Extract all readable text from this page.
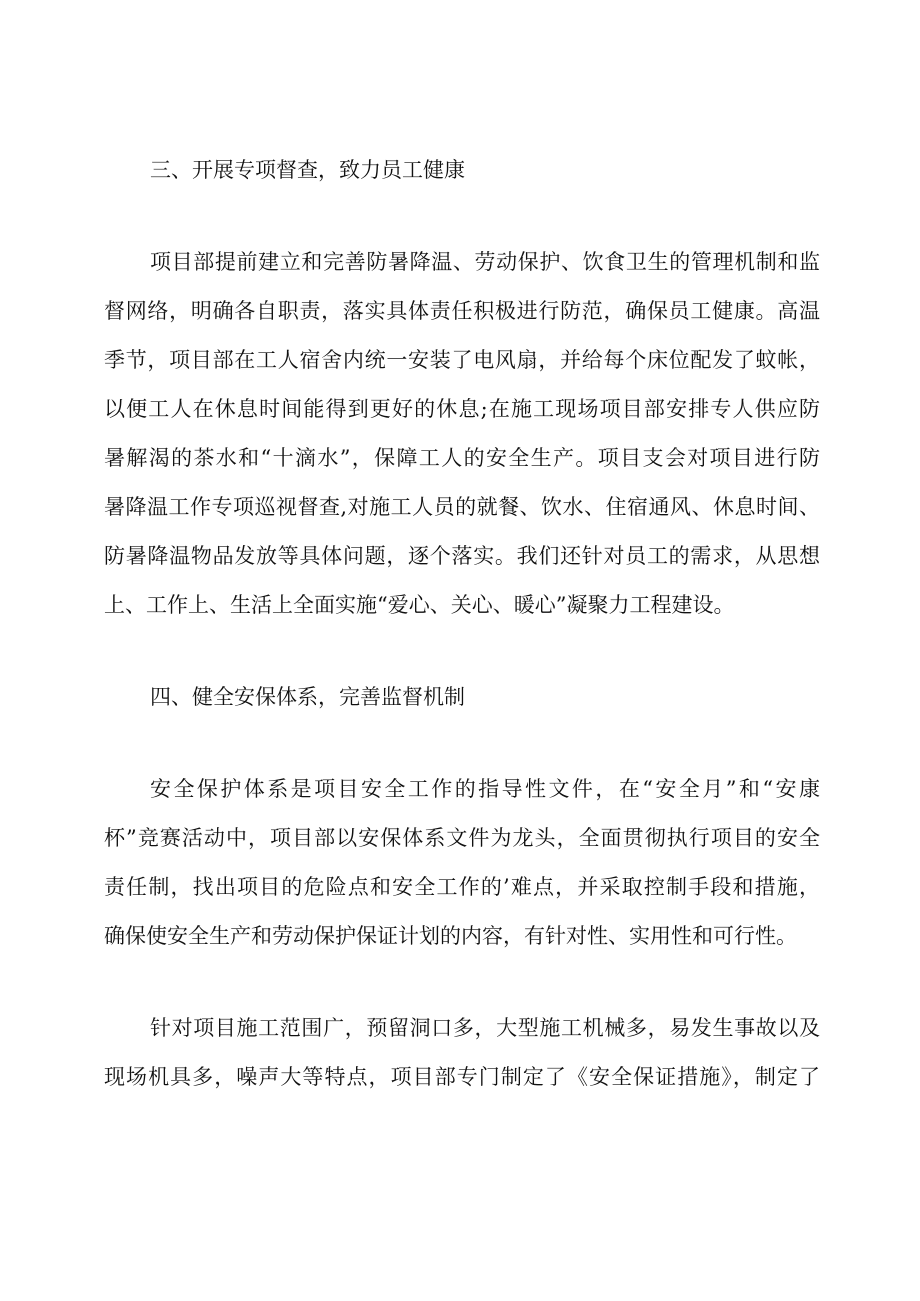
三、开展专项督查，致力员工健康
项目部提前建立和完善防暑降温、劳动保护、饮食卫生的管理机制和监
督网络，明确各自职责，落实具体责任积极进行防范，确保员工健康。高温
季节，项目部在工人宿舍内统一安装了电风扇，并给每个床位配发了蚊帐，
以便工人在休息时间能得到更好的休息;在施工现场项目部安排专人供应防
暑解渴的茶水和“十滴水”，保障工人的安全生产。项目支会对项目进行防
暑降温工作专项巡视督查,对施工人员的就餐、饮水、住宿通风、休息时间、
防暑降温物品发放等具体问题，逐个落实。我们还针对员工的需求，从思想
上、工作上、生活上全面实施“爱心、关心、暖心”凝聚力工程建设。
四、健全安保体系，完善监督机制
安全保护体系是项目安全工作的指导性文件，在“安全月”和“安康
杯”竞赛活动中，项目部以安保体系文件为龙头，全面贯彻执行项目的安全
责任制，找出项目的危险点和安全工作的’难点，并采取控制手段和措施，
确保使安全生产和劳动保护保证计划的内容，有针对性、实用性和可行性。
针对项目施工范围广，预留洞口多，大型施工机械多，易发生事故以及
现场机具多，噪声大等特点，项目部专门制定了《安全保证措施》，制定了
